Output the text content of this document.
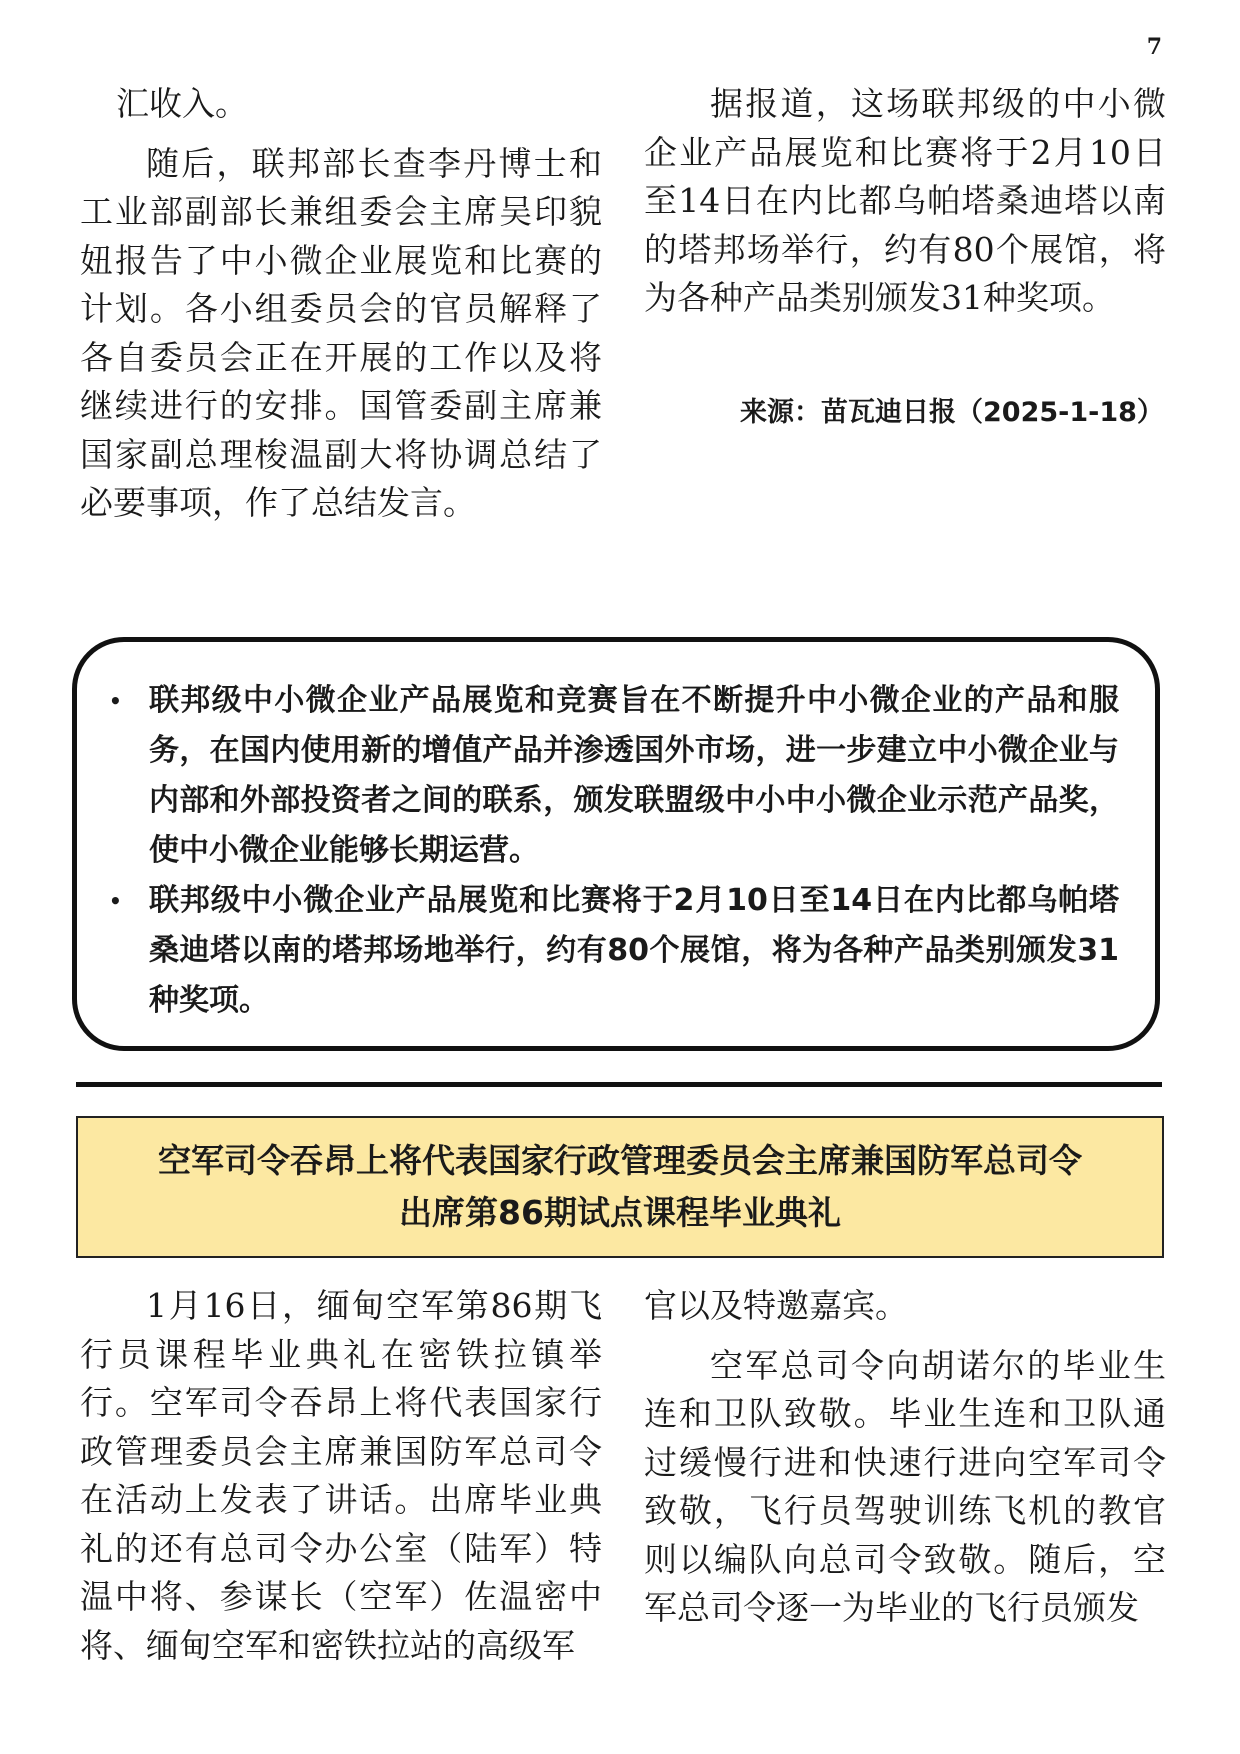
7

汇收入。

随后，联邦部长查李丹博士和工业部副部长兼组委会主席吴印貌妞报告了中小微企业展览和比赛的计划。各小组委员会的官员解释了各自委员会正在开展的工作以及将继续进行的安排。国管委副主席兼国家副总理梭温副大将协调总结了必要事项，作了总结发言。

据报道，这场联邦级的中小微企业产品展览和比赛将于2月10日至14日在内比都乌帕塔桑迪塔以南的塔邦场举行，约有80个展馆，将为各种产品类别颁发31种奖项。

来源：苗瓦迪日报（2025-1-18）
• 联邦级中小微企业产品展览和竞赛旨在不断提升中小微企业的产品和服务，在国内使用新的增值产品并渗透国外市场，进一步建立中小微企业与内部和外部投资者之间的联系，颁发联盟级中小中小微企业示范产品奖，使中小微企业能够长期运营。
• 联邦级中小微企业产品展览和比赛将于2月10日至14日在内比都乌帕塔桑迪塔以南的塔邦场地举行，约有80个展馆，将为各种产品类别颁发31种奖项。
空军司令吞昂上将代表国家行政管理委员会主席兼国防军总司令
出席第86期试点课程毕业典礼

1月16日，缅甸空军第86期飞行员课程毕业典礼在密铁拉镇举行。空军司令吞昂上将代表国家行政管理委员会主席兼国防军总司令在活动上发表了讲话。出席毕业典礼的还有总司令办公室（陆军）特温中将、参谋长（空军）佐温密中将、缅甸空军和密铁拉站的高级军

官以及特邀嘉宾。

空军总司令向胡诺尔的毕业生连和卫队致敬。毕业生连和卫队通过缓慢行进和快速行进向空军司令致敬，飞行员驾驶训练飞机的教官则以编队向总司令致敬。随后，空军总司令逐一为毕业的飞行员颁发
